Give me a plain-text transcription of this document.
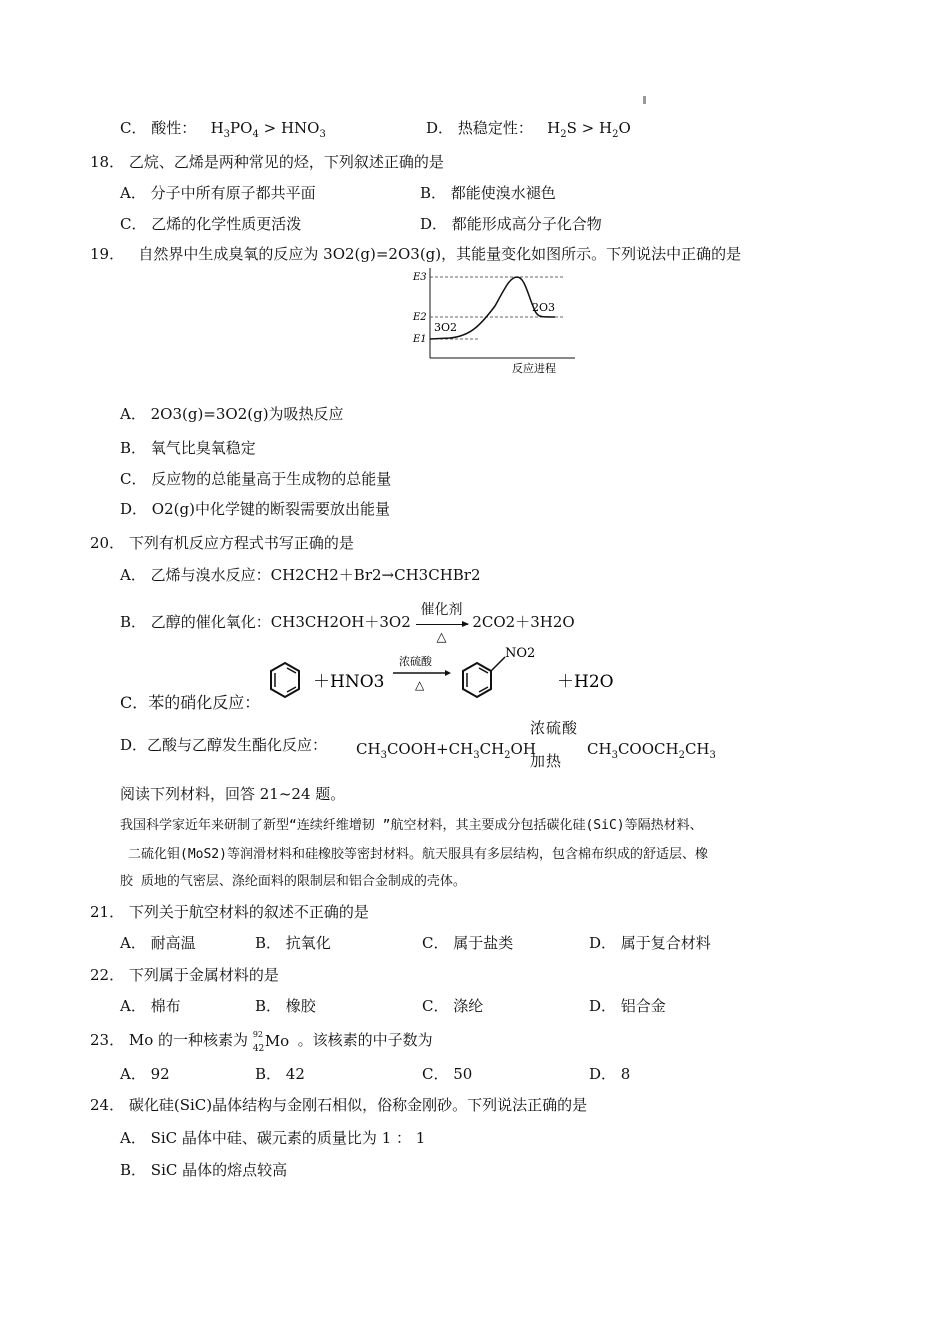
C． 酸性：   $H_3PO_4 > HNO_3$	D． 热稳定性：   $H_2S > H_2O$
18． 乙烷、乙烯是两种常见的烃，下列叙述正确的是
A． 分子中所有原子都共平面	B． 都能使溴水褪色
C． 乙烯的化学性质更活泼	D． 都能形成高分子化合物
19． 自然界中生成臭氧的反应为 3O2(g)=2O3(g)，其能量变化如图所示。下列说法中正确的是
E3
E2
E1
3O2
2O3
反应进程
A． 2O3(g)=3O2(g)为吸热反应
B． 氧气比臭氧稳定
C． 反应物的总能量高于生成物的总能量
D． O2(g)中化学键的断裂需要放出能量
20． 下列有机反应方程式书写正确的是
A． 乙烯与溴水反应：CH2CH2＋Br2→CH3CHBr2
B． 乙醇的催化氧化：CH3CH2OH＋3O2
催化剂
△
2CO2＋3H2O
C．苯的硝化反应：
＋HNO3
浓硫酸
△
NO2
＋H2O
D．乙酸与乙醇发生酯化反应： $CH_3COOH+CH_3CH_2OH$
浓硫酸
加热
$CH_3COOCH_2CH_3$
阅读下列材料，回答 21~24 题。
我国科学家近年来研制了新型“连续纤维增韧 ”航空材料，其主要成分包括碳化硅(SiC)等隔热材料、
二硫化钼(MoS2)等润滑材料和硅橡胶等密封材料。航天服具有多层结构，包含棉布织成的舒适层、橡
胶 质地的气密层、涤纶面料的限制层和铝合金制成的壳体。
21． 下列关于航空材料的叙述不正确的是
A． 耐高温	B． 抗氧化	C． 属于盐类	D． 属于复合材料
22． 下列属于金属材料的是
A． 棉布	B． 橡胶	C． 涤纶	D． 铝合金
23． Mo 的一种核素为 92
42 Mo 。该核素的中子数为
A． 92	B． 42	C． 50	D． 8
24． 碳化硅(SiC)晶体结构与金刚石相似，俗称金刚砂。下列说法正确的是
A． SiC 晶体中硅、碳元素的质量比为 1 ： 1
B． SiC 晶体的熔点较高
